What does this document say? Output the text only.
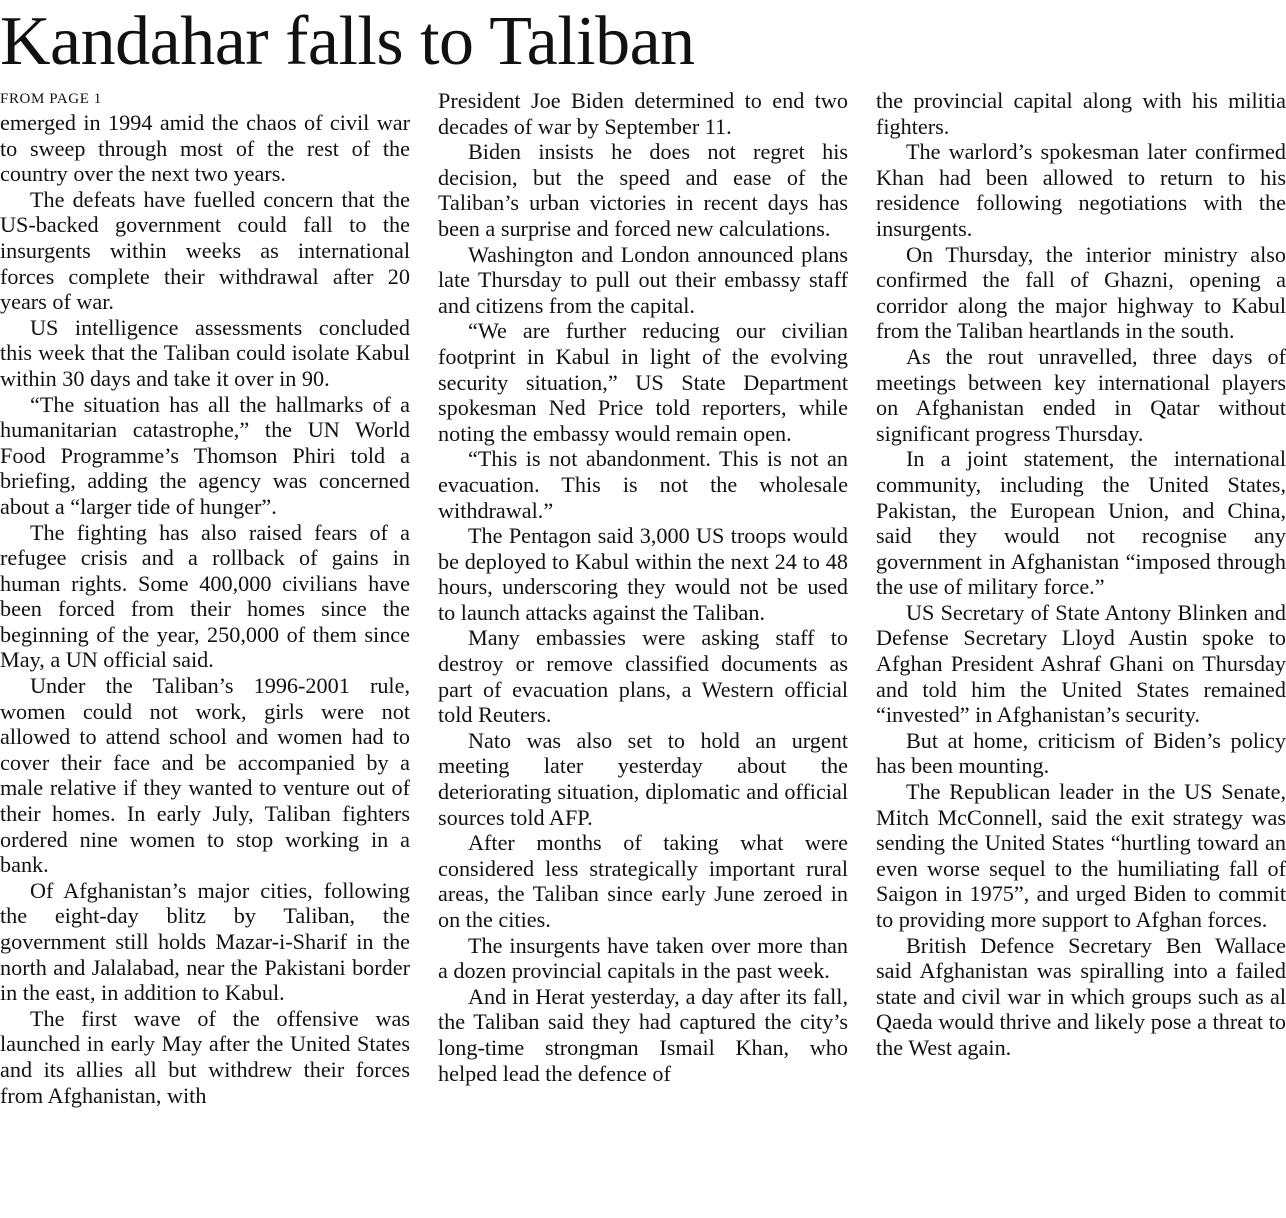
Kandahar falls to Taliban
FROM PAGE 1

emerged in 1994 amid the chaos of civil war to sweep through most of the rest of the country over the next two years.

The defeats have fuelled concern that the US-backed government could fall to the insurgents within weeks as international forces complete their withdrawal after 20 years of war.

US intelligence assessments concluded this week that the Taliban could isolate Kabul within 30 days and take it over in 90.

“The situation has all the hallmarks of a humanitarian catastrophe,” the UN World Food Programme’s Thomson Phiri told a briefing, adding the agency was concerned about a “larger tide of hunger”.

The fighting has also raised fears of a refugee crisis and a rollback of gains in human rights. Some 400,000 civilians have been forced from their homes since the beginning of the year, 250,000 of them since May, a UN official said.

Under the Taliban’s 1996-2001 rule, women could not work, girls were not allowed to attend school and women had to cover their face and be accompanied by a male relative if they wanted to venture out of their homes. In early July, Taliban fighters ordered nine women to stop working in a bank.

Of Afghanistan’s major cities, following the eight-day blitz by Taliban, the government still holds Mazar-i-Sharif in the north and Jalalabad, near the Pakistani border in the east, in addition to Kabul.

The first wave of the offensive was launched in early May after the United States and its allies all but withdrew their forces from Afghanistan, with

President Joe Biden determined to end two decades of war by September 11.

Biden insists he does not regret his decision, but the speed and ease of the Taliban’s urban victories in recent days has been a surprise and forced new calculations.

Washington and London announced plans late Thursday to pull out their embassy staff and citizens from the capital.

“We are further reducing our civilian footprint in Kabul in light of the evolving security situation,” US State Department spokesman Ned Price told reporters, while noting the embassy would remain open.

“This is not abandonment. This is not an evacuation. This is not the wholesale withdrawal.”

The Pentagon said 3,000 US troops would be deployed to Kabul within the next 24 to 48 hours, underscoring they would not be used to launch attacks against the Taliban.

Many embassies were asking staff to destroy or remove classified documents as part of evacuation plans, a Western official told Reuters.

Nato was also set to hold an urgent meeting later yesterday about the deteriorating situation, diplomatic and official sources told AFP.

After months of taking what were considered less strategically important rural areas, the Taliban since early June zeroed in on the cities.

The insurgents have taken over more than a dozen provincial capitals in the past week.

And in Herat yesterday, a day after its fall, the Taliban said they had captured the city’s long-time strongman Ismail Khan, who helped lead the defence of

the provincial capital along with his militia fighters.

The warlord’s spokesman later confirmed Khan had been allowed to return to his residence following negotiations with the insurgents.

On Thursday, the interior ministry also confirmed the fall of Ghazni, opening a corridor along the major highway to Kabul from the Taliban heartlands in the south.

As the rout unravelled, three days of meetings between key international players on Afghanistan ended in Qatar without significant progress Thursday.

In a joint statement, the international community, including the United States, Pakistan, the European Union, and China, said they would not recognise any government in Afghanistan “imposed through the use of military force.”

US Secretary of State Antony Blinken and Defense Secretary Lloyd Austin spoke to Afghan President Ashraf Ghani on Thursday and told him the United States remained “invested” in Afghanistan’s security.

But at home, criticism of Biden’s policy has been mounting.

The Republican leader in the US Senate, Mitch McConnell, said the exit strategy was sending the United States “hurtling toward an even worse sequel to the humiliating fall of Saigon in 1975”, and urged Biden to commit to providing more support to Afghan forces.

British Defence Secretary Ben Wallace said Afghanistan was spiralling into a failed state and civil war in which groups such as al Qaeda would thrive and likely pose a threat to the West again.
